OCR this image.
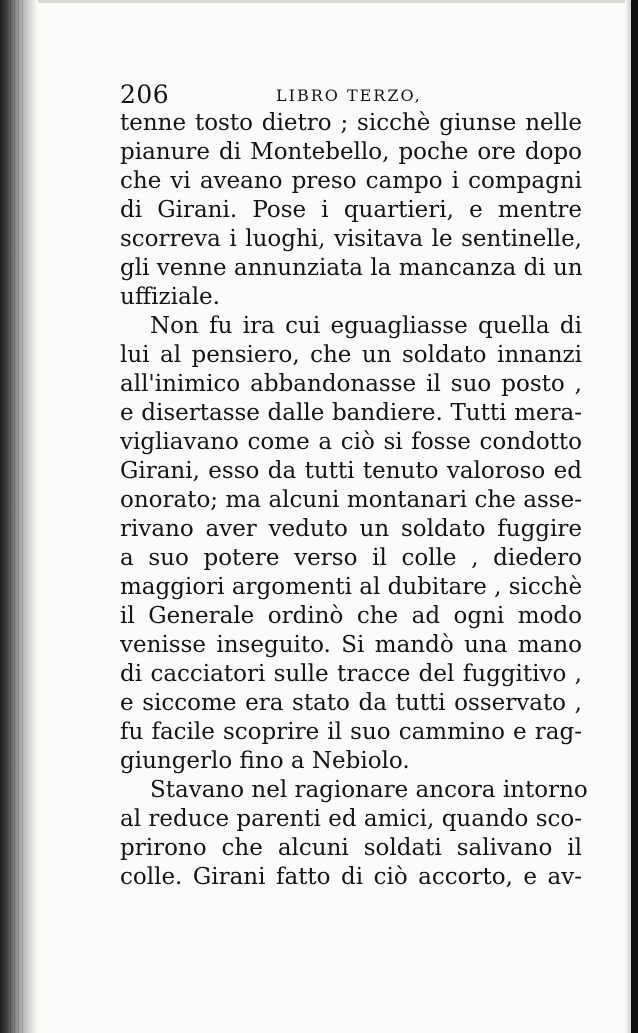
206	LIBRO TERZO,
tenne tosto dietro ; sicchè giunse nelle
pianure di Montebello, poche ore dopo
che vi aveano preso campo i compagni
di Girani. Pose i quartieri, e mentre
scorreva i luoghi, visitava le sentinelle,
gli venne annunziata la mancanza di un
uffiziale.
Non fu ira cui eguagliasse quella di
lui al pensiero, che un soldato innanzi
all'inimico abbandonasse il suo posto ,
e disertasse dalle bandiere. Tutti mera-
vigliavano come a ciò si fosse condotto
Girani, esso da tutti tenuto valoroso ed
onorato; ma alcuni montanari che asse-
rivano aver veduto un soldato fuggire
a suo potere verso il colle , diedero
maggiori argomenti al dubitare , sicchè
il Generale ordinò che ad ogni modo
venisse inseguito. Si mandò una mano
di cacciatori sulle tracce del fuggitivo ,
e siccome era stato da tutti osservato ,
fu facile scoprire il suo cammino e rag-
giungerlo fino a Nebiolo.
Stavano nel ragionare ancora intorno
al reduce parenti ed amici, quando sco-
prirono che alcuni soldati salivano il
colle. Girani fatto di ciò accorto, e av-
